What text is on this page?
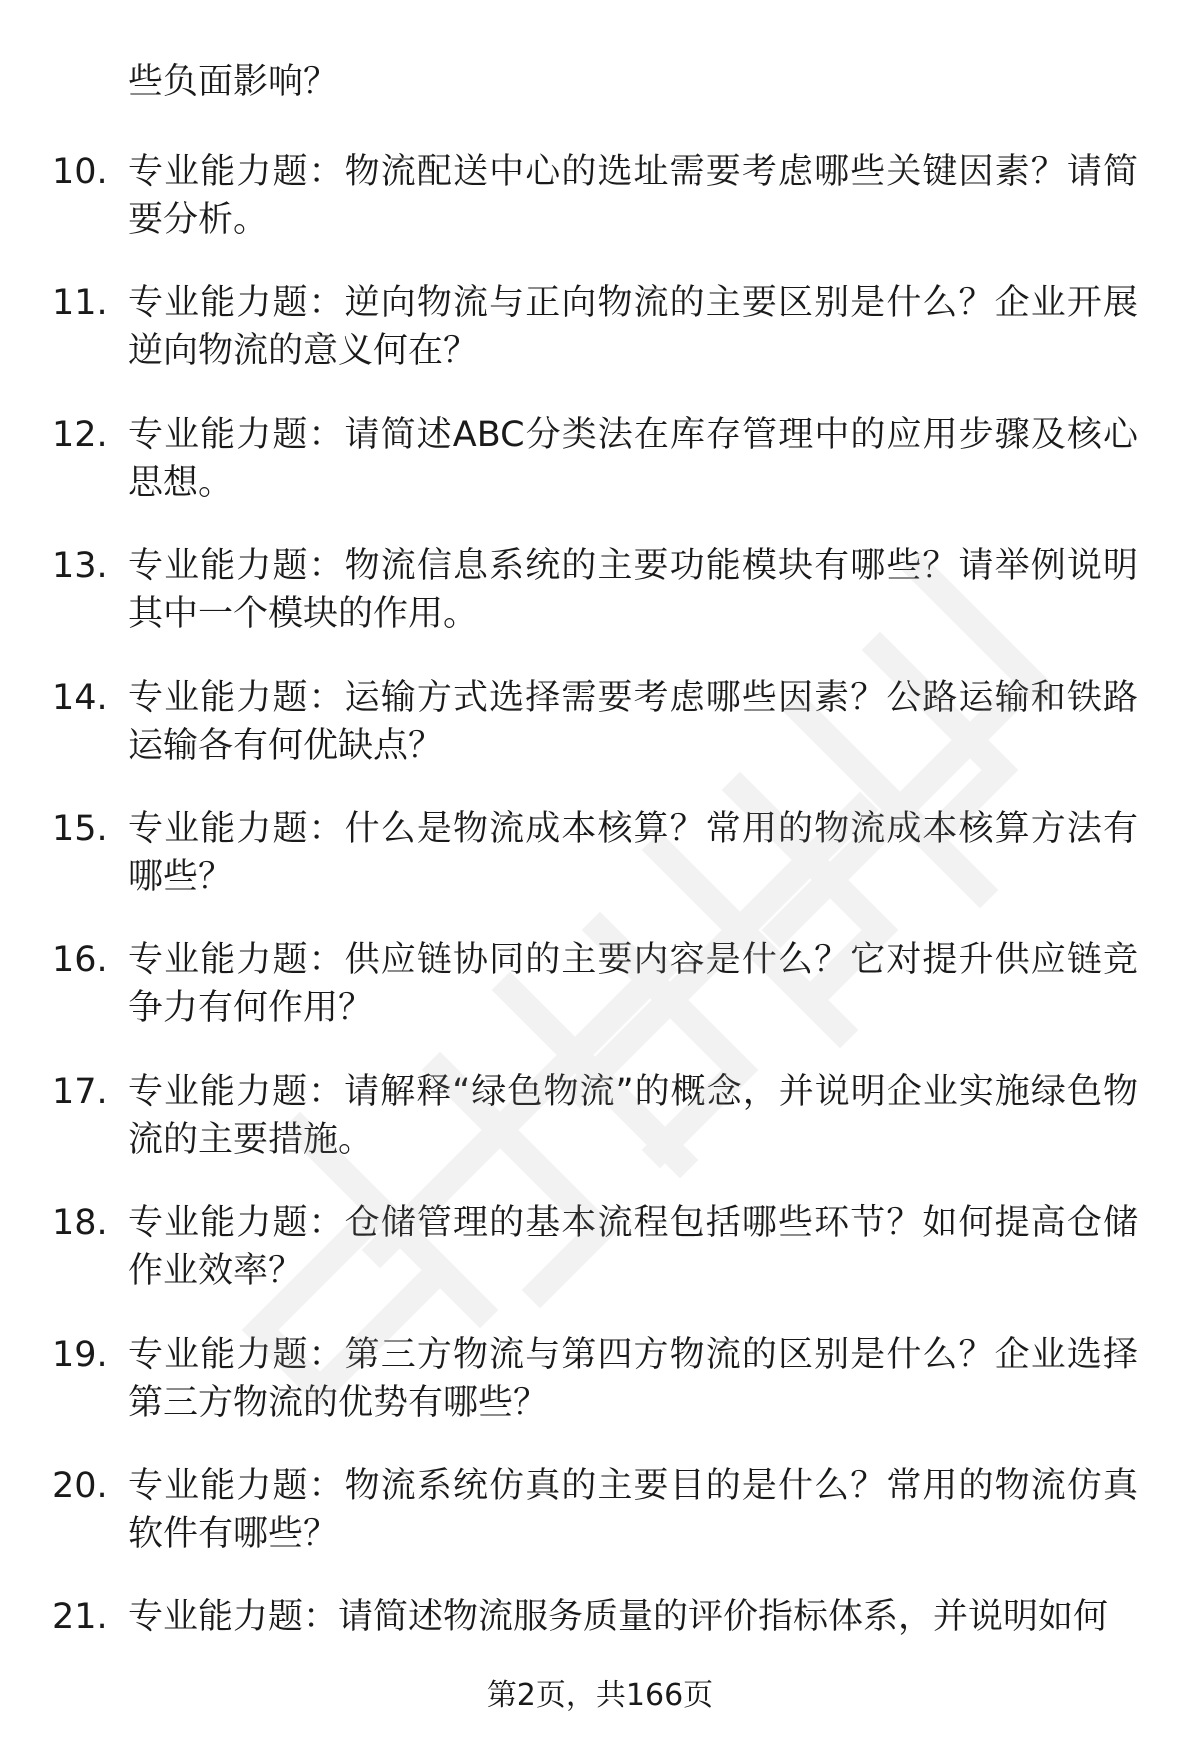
些负面影响？
10. 专业能力题：物流配送中心的选址需要考虑哪些关键因素？请简要分析。
11. 专业能力题：逆向物流与正向物流的主要区别是什么？企业开展逆向物流的意义何在？
12. 专业能力题：请简述ABC分类法在库存管理中的应用步骤及核心思想。
13. 专业能力题：物流信息系统的主要功能模块有哪些？请举例说明其中一个模块的作用。
14. 专业能力题：运输方式选择需要考虑哪些因素？公路运输和铁路运输各有何优缺点？
15. 专业能力题：什么是物流成本核算？常用的物流成本核算方法有哪些？
16. 专业能力题：供应链协同的主要内容是什么？它对提升供应链竞争力有何作用？
17. 专业能力题：请解释“绿色物流”的概念，并说明企业实施绿色物流的主要措施。
18. 专业能力题：仓储管理的基本流程包括哪些环节？如何提高仓储作业效率？
19. 专业能力题：第三方物流与第四方物流的区别是什么？企业选择第三方物流的优势有哪些？
20. 专业能力题：物流系统仿真的主要目的是什么？常用的物流仿真软件有哪些？
21. 专业能力题：请简述物流服务质量的评价指标体系，并说明如何
第2页，共166页
